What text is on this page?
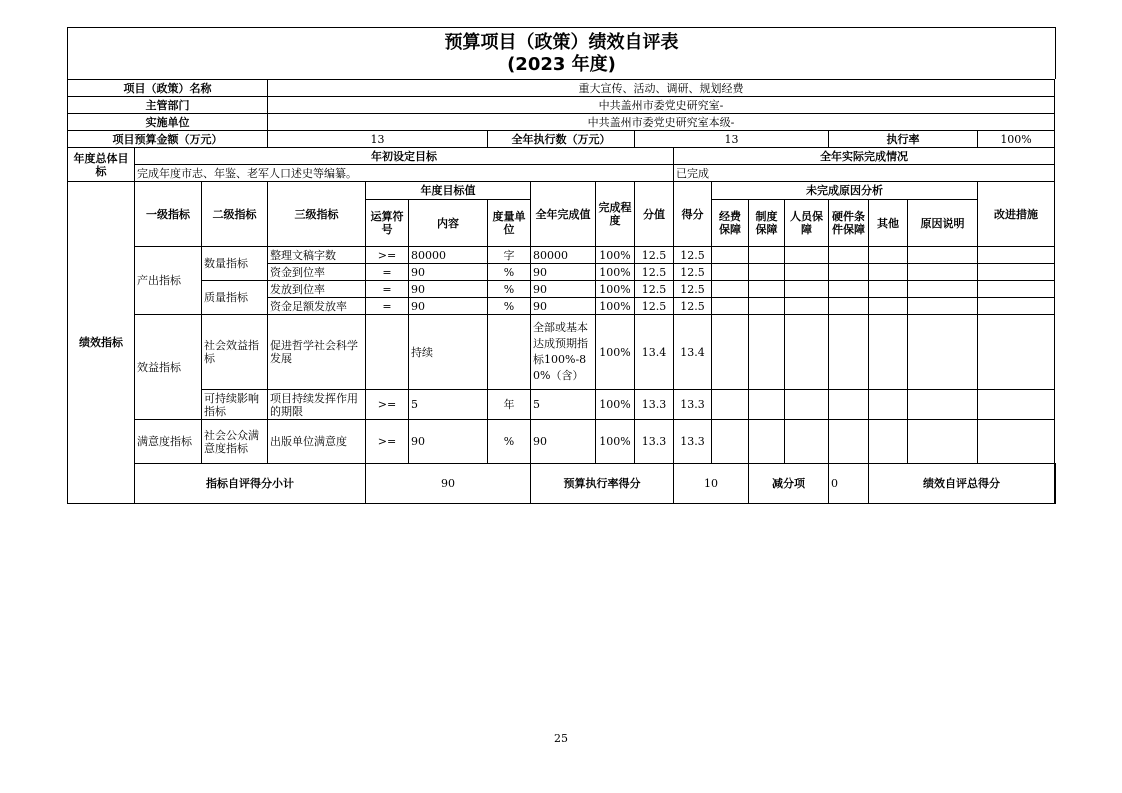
预算项目（政策）绩效自评表
(2023 年度)
项目（政策）名称			重大宣传、活动、调研、规划经费															
主管部门			中共盖州市委党史研究室-															
实施单位			中共盖州市委党史研究室本级-															
项目预算金额（万元）			13			全年执行数（万元）			13					执行率			100%	
年度总体目标	年初设定目标									全年实际完成情况								
	完成年度市志、年鉴、老军人口述史等编纂。									已完成								
绩效指标	一级指标	二级指标	三级指标	年度目标值			全年完成值	完成程度	分值	得分	未完成原因分析						改进措施	
				运算符号	内容	度量单位					经费保障	制度保障	人员保障	硬件条件保障	其他	原因说明		
	产出指标	数量指标	整理文稿字数	>=	80000	字	80000	100%	12.5	12.5								
			资金到位率	=	90	%	90	100%	12.5	12.5								
		质量指标	发放到位率	=	90	%	90	100%	12.5	12.5								
			资金足额发放率	=	90	%	90	100%	12.5	12.5								
	效益指标	社会效益指标	促进哲学社会科学发展		持续		全部或基本达成预期指标100%-80%（含）	100%	13.4	13.4								
		可持续影响指标	项目持续发挥作用的期限	>=	5	年	5	100%	13.3	13.3								
	满意度指标	社会公众满意度指标	出版单位满意度	>=	90	%	90	100%	13.3	13.3								
	指标自评得分小计			90			预算执行率得分			10		减分项		0	绩效自评总得分	
25
